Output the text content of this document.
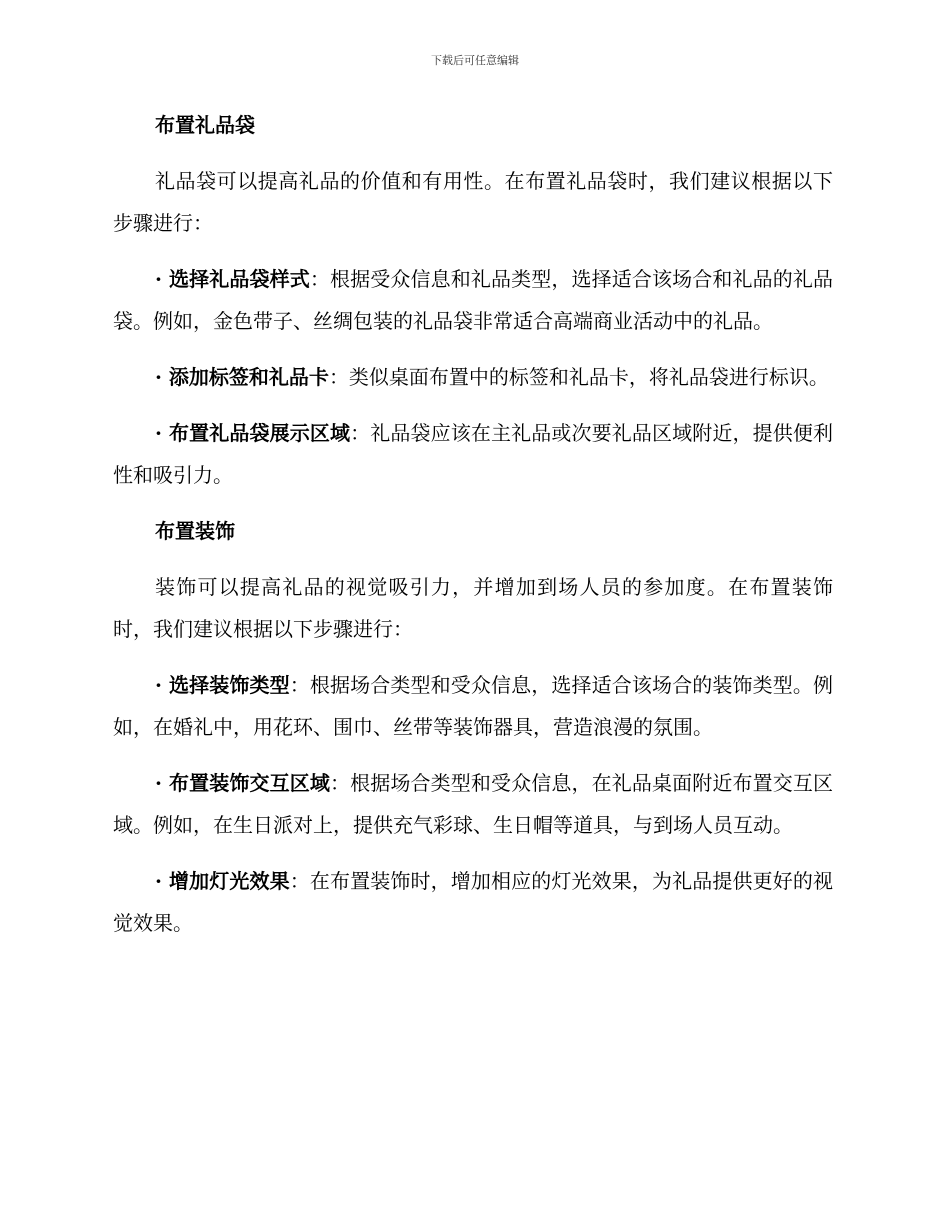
下载后可任意编辑
布置礼品袋

礼品袋可以提高礼品的价值和有用性。在布置礼品袋时，我们建议根据以下步骤进行：

· 选择礼品袋样式：根据受众信息和礼品类型，选择适合该场合和礼品的礼品袋。例如，金色带子、丝绸包装的礼品袋非常适合高端商业活动中的礼品。

· 添加标签和礼品卡：类似桌面布置中的标签和礼品卡，将礼品袋进行标识。

· 布置礼品袋展示区域：礼品袋应该在主礼品或次要礼品区域附近，提供便利性和吸引力。

布置装饰

装饰可以提高礼品的视觉吸引力，并增加到场人员的参加度。在布置装饰时，我们建议根据以下步骤进行：

· 选择装饰类型：根据场合类型和受众信息，选择适合该场合的装饰类型。例如，在婚礼中，用花环、围巾、丝带等装饰器具，营造浪漫的氛围。

· 布置装饰交互区域：根据场合类型和受众信息，在礼品桌面附近布置交互区域。例如，在生日派对上，提供充气彩球、生日帽等道具，与到场人员互动。

· 增加灯光效果：在布置装饰时，增加相应的灯光效果，为礼品提供更好的视觉效果。
